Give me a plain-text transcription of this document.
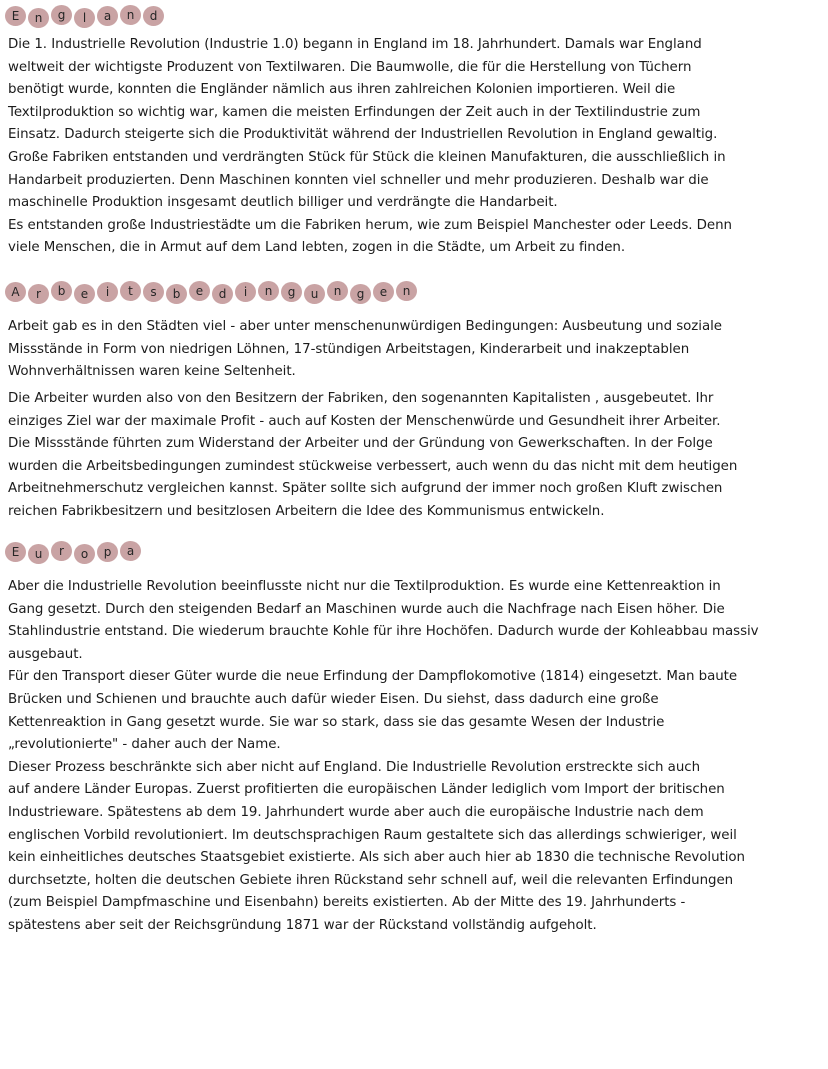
E	n	g	l	a	n	d
Die 1. Industrielle Revolution (Industrie 1.0) begann in England im 18. Jahrhundert. Damals war England
weltweit der wichtigste Produzent von Textilwaren. Die Baumwolle, die für die Herstellung von Tüchern
benötigt wurde, konnten die Engländer nämlich aus ihren zahlreichen Kolonien importieren. Weil die
Textilproduktion so wichtig war, kamen die meisten Erfindungen der Zeit auch in der Textilindustrie zum
Einsatz. Dadurch steigerte sich die Produktivität während der Industriellen Revolution in England gewaltig.
Große Fabriken entstanden und verdrängten Stück für Stück die kleinen Manufakturen, die ausschließlich in
Handarbeit produzierten. Denn Maschinen konnten viel schneller und mehr produzieren. Deshalb war die
maschinelle Produktion insgesamt deutlich billiger und verdrängte die Handarbeit.
Es entstanden große Industriestädte um die Fabriken herum, wie zum Beispiel Manchester oder Leeds. Denn
viele Menschen, die in Armut auf dem Land lebten, zogen in die Städte, um Arbeit zu finden.
A	r	b	e	i	t	s	b	e	d	i	n	g	u	n	g	e	n
Arbeit gab es in den Städten viel - aber unter menschenunwürdigen Bedingungen: Ausbeutung und soziale
Missstände in Form von niedrigen Löhnen, 17-stündigen Arbeitstagen, Kinderarbeit und inakzeptablen
Wohnverhältnissen waren keine Seltenheit.
Die Arbeiter wurden also von den Besitzern der Fabriken, den sogenannten Kapitalisten , ausgebeutet. Ihr
einziges Ziel war der maximale Profit - auch auf Kosten der Menschenwürde und Gesundheit ihrer Arbeiter.
Die Missstände führten zum Widerstand der Arbeiter und der Gründung von Gewerkschaften. In der Folge
wurden die Arbeitsbedingungen zumindest stückweise verbessert, auch wenn du das nicht mit dem heutigen
Arbeitnehmerschutz vergleichen kannst. Später sollte sich aufgrund der immer noch großen Kluft zwischen
reichen Fabrikbesitzern und besitzlosen Arbeitern die Idee des Kommunismus entwickeln.
E	u	r	o	p	a
Aber die Industrielle Revolution beeinflusste nicht nur die Textilproduktion. Es wurde eine Kettenreaktion in
Gang gesetzt. Durch den steigenden Bedarf an Maschinen wurde auch die Nachfrage nach Eisen höher. Die
Stahlindustrie entstand. Die wiederum brauchte Kohle für ihre Hochöfen. Dadurch wurde der Kohleabbau massiv
ausgebaut.
Für den Transport dieser Güter wurde die neue Erfindung der Dampflokomotive (1814) eingesetzt. Man baute
Brücken und Schienen und brauchte auch dafür wieder Eisen. Du siehst, dass dadurch eine große
Kettenreaktion in Gang gesetzt wurde. Sie war so stark, dass sie das gesamte Wesen der Industrie
„revolutionierte" - daher auch der Name.
Dieser Prozess beschränkte sich aber nicht auf England. Die Industrielle Revolution erstreckte sich auch
auf andere Länder Europas. Zuerst profitierten die europäischen Länder lediglich vom Import der britischen
Industrieware. Spätestens ab dem 19. Jahrhundert wurde aber auch die europäische Industrie nach dem
englischen Vorbild revolutioniert. Im deutschsprachigen Raum gestaltete sich das allerdings schwieriger, weil
kein einheitliches deutsches Staatsgebiet existierte. Als sich aber auch hier ab 1830 die technische Revolution
durchsetzte, holten die deutschen Gebiete ihren Rückstand sehr schnell auf, weil die relevanten Erfindungen
(zum Beispiel Dampfmaschine und Eisenbahn) bereits existierten. Ab der Mitte des 19. Jahrhunderts -
spätestens aber seit der Reichsgründung 1871 war der Rückstand vollständig aufgeholt.
